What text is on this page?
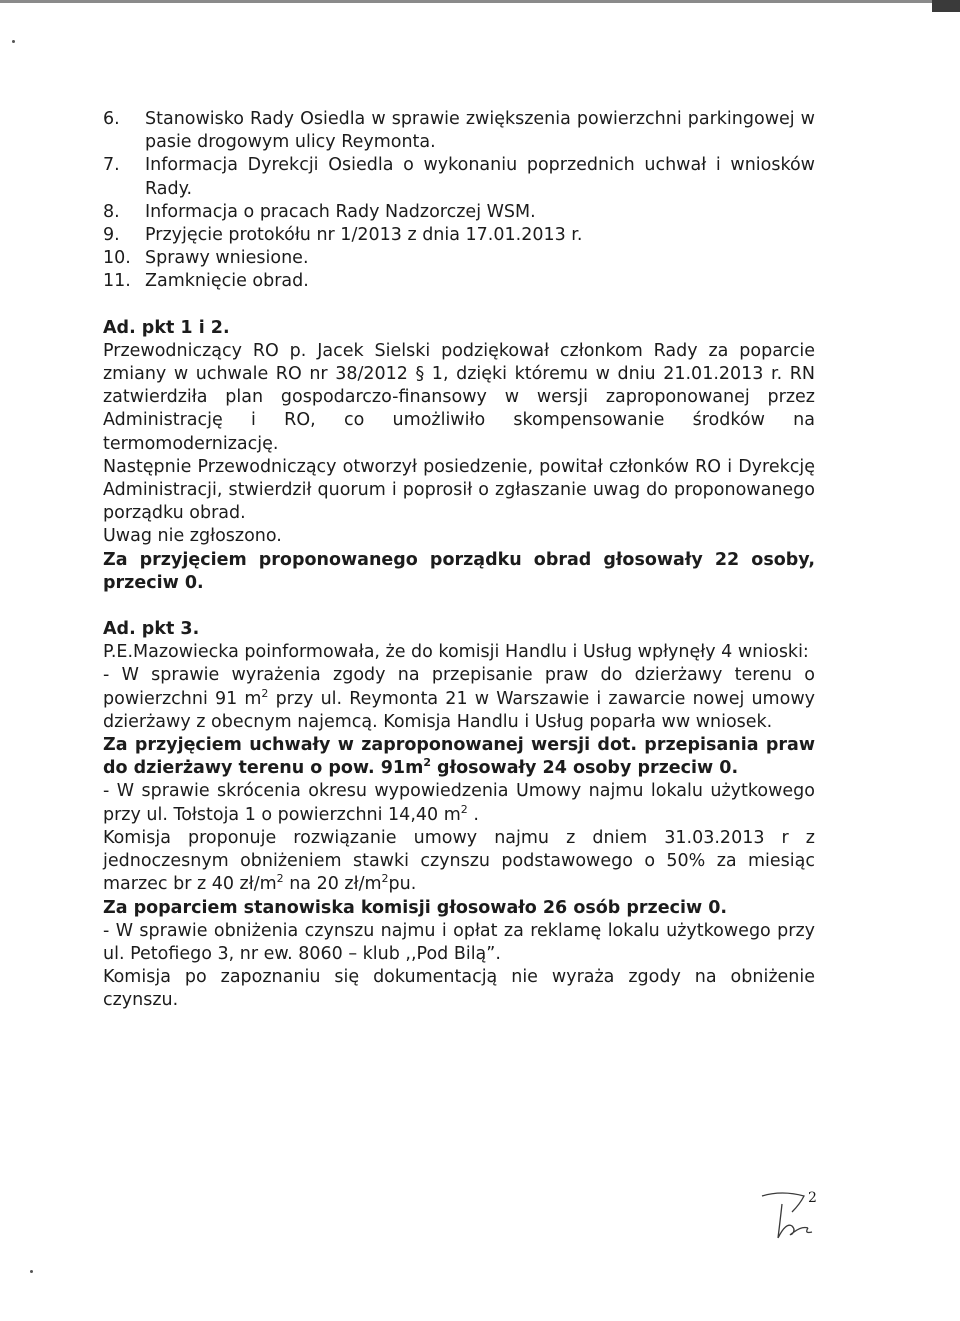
6.	Stanowisko Rady Osiedla w sprawie zwiększenia powierzchni parkingowej w pasie drogowym ulicy Reymonta.
7.	Informacja Dyrekcji Osiedla o wykonaniu poprzednich uchwał i wniosków Rady.
8.	Informacja o pracach Rady Nadzorczej WSM.
9.	Przyjęcie protokółu nr 1/2013 z dnia 17.01.2013 r.
10. Sprawy wniesione.
11. Zamknięcie obrad.
Ad. pkt 1 i 2.

Przewodniczący RO p. Jacek Sielski podziękował członkom Rady za poparcie zmiany w uchwale RO nr 38/2012 § 1, dzięki któremu w dniu 21.01.2013 r. RN zatwierdziła plan gospodarczo-finansowy w wersji zaproponowanej przez Administrację i RO, co umożliwiło skompensowanie środków na termomodernizację.

Następnie Przewodniczący otworzył posiedzenie, powitał członków RO i Dyrekcję Administracji, stwierdził quorum i poprosił o zgłaszanie uwag do proponowanego porządku obrad.

Uwag nie zgłoszono.

Za przyjęciem proponowanego porządku obrad głosowały 22 osoby, przeciw 0.

Ad. pkt 3.

P.E.Mazowiecka poinformowała, że do komisji Handlu i Usług wpłynęły 4 wnioski:

- W sprawie wyrażenia zgody na przepisanie praw do dzierżawy terenu o powierzchni 91 $m^2$ przy ul. Reymonta 21 w Warszawie i zawarcie nowej umowy dzierżawy z obecnym najemcą. Komisja Handlu i Usług poparła ww wniosek.

Za przyjęciem uchwały w zaproponowanej wersji dot. przepisania praw do dzierżawy terenu o pow. $91m^2$ głosowały 24 osoby przeciw 0.

- W sprawie skrócenia okresu wypowiedzenia Umowy najmu lokalu użytkowego przy ul. Tołstoja 1 o powierzchni 14,40 $m^2$ .

Komisja proponuje rozwiązanie umowy najmu z dniem 31.03.2013 r z jednoczesnym obniżeniem stawki czynszu podstawowego o 50% za miesiąc marzec br z 40 $zł/m^2$ na 20 $zł/m^2pu$.

Za poparciem stanowiska komisji głosowało 26 osób przeciw 0.

- W sprawie obniżenia czynszu najmu i opłat za reklamę lokalu użytkowego przy ul. Petofiego 3, nr ew. 8060 – klub ,,Pod Bilą”.

Komisja po zapoznaniu się dokumentacją nie wyraża zgody na obniżenie czynszu.

2
